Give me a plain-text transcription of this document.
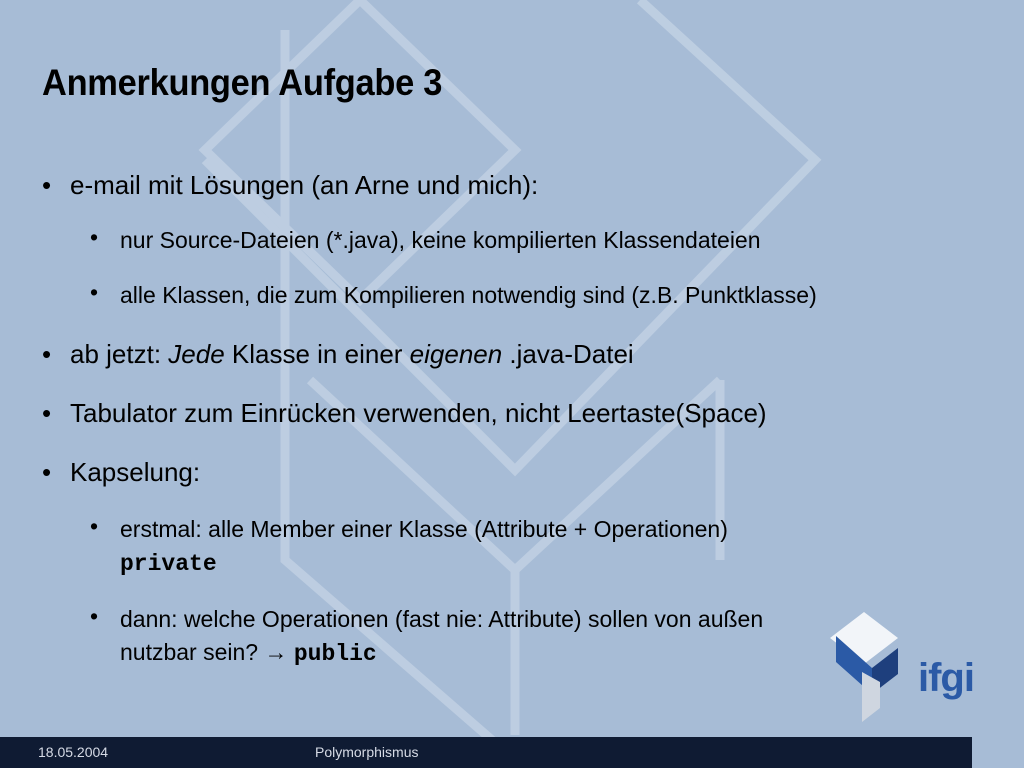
Anmerkungen Aufgabe 3
• e-mail mit Lösungen (an Arne und mich):
• nur Source-Dateien (*.java), keine kompilierten Klassendateien
• alle Klassen, die zum Kompilieren notwendig sind (z.B. Punktklasse)
• ab jetzt: Jede Klasse in einer eigenen .java-Datei
• Tabulator zum Einrücken verwenden, nicht Leertaste(Space)
• Kapselung:
• erstmal: alle Member einer Klasse (Attribute + Operationen)
private
• dann: welche Operationen (fast nie: Attribute) sollen von außen
nutzbar sein? → public
ifgi
18.05.2004	Polymorphismus
